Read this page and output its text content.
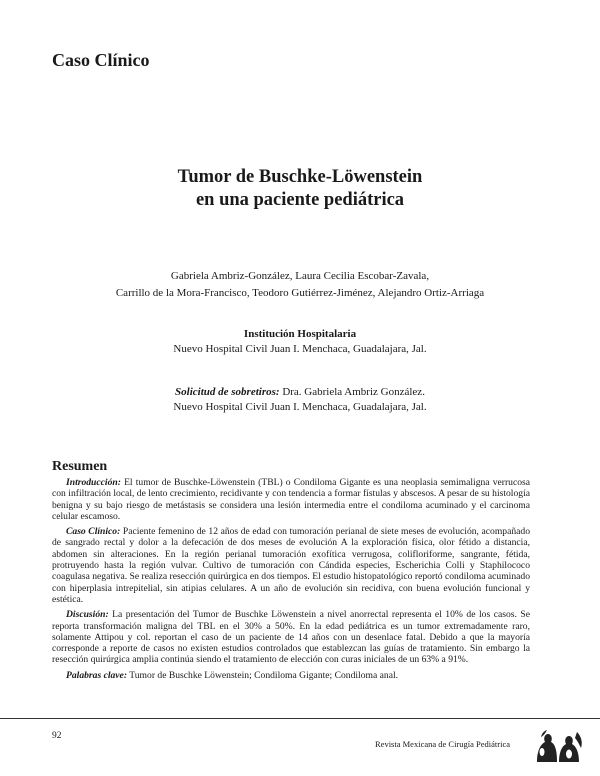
Caso Clínico
Tumor de Buschke-Löwenstein
en una paciente pediátrica
Gabriela Ambriz-González, Laura Cecilia Escobar-Zavala,
Carrillo de la Mora-Francisco, Teodoro Gutiérrez-Jiménez, Alejandro Ortiz-Arriaga
Institución Hospitalaria
Nuevo Hospital Civil Juan I. Menchaca, Guadalajara, Jal.
Solicitud de sobretiros: Dra. Gabriela Ambriz González.
Nuevo Hospital Civil Juan I. Menchaca, Guadalajara, Jal.
Resumen

Introducción: El tumor de Buschke-Löwenstein (TBL) o Condiloma Gigante es una neoplasia semimaligna verrucosa con infiltración local, de lento crecimiento, recidivante y con tendencia a formar fístulas y abscesos. A pesar de su histología benigna y su bajo riesgo de metástasis se considera una lesión intermedia entre el condiloma acuminado y el carcinoma celular escamoso.

Caso Clínico: Paciente femenino de 12 años de edad con tumoración perianal de siete meses de evolución, acompañado de sangrado rectal y dolor a la defecación de dos meses de evolución A la exploración física, olor fétido a distancia, abdomen sin alteraciones. En la región perianal tumoración exofítica verrugosa, colifloriforme, sangrante, fétida, protruyendo hasta la región vulvar. Cultivo de tumoración con Cándida especies, Escherichia Colli y Staphilococo coagulasa negativa. Se realiza resección quirúrgica en dos tiempos. El estudio histopatológico reportó condiloma acuminado con hiperplasia intrepitelial, sin atipias celulares. A un año de evolución sin recidiva, con buena evolución funcional y estética.

Discusión: La presentación del Tumor de Buschke Löwenstein a nivel anorrectal representa el 10% de los casos. Se reporta transformación maligna del TBL en el 30% a 50%. En la edad pediátrica es un tumor extremadamente raro, solamente Attipou y col. reportan el caso de un paciente de 14 años con un desenlace fatal. Debido a que la mayoría corresponde a reporte de casos no existen estudios controlados que establezcan las guías de tratamiento. Sin embargo la resección quirúrgica amplia continúa siendo el tratamiento de elección con curas iniciales de un 63% a 91%.

Palabras clave: Tumor de Buschke Löwenstein; Condiloma Gigante; Condiloma anal.

92
Revista Mexicana de Cirugía Pediátrica
